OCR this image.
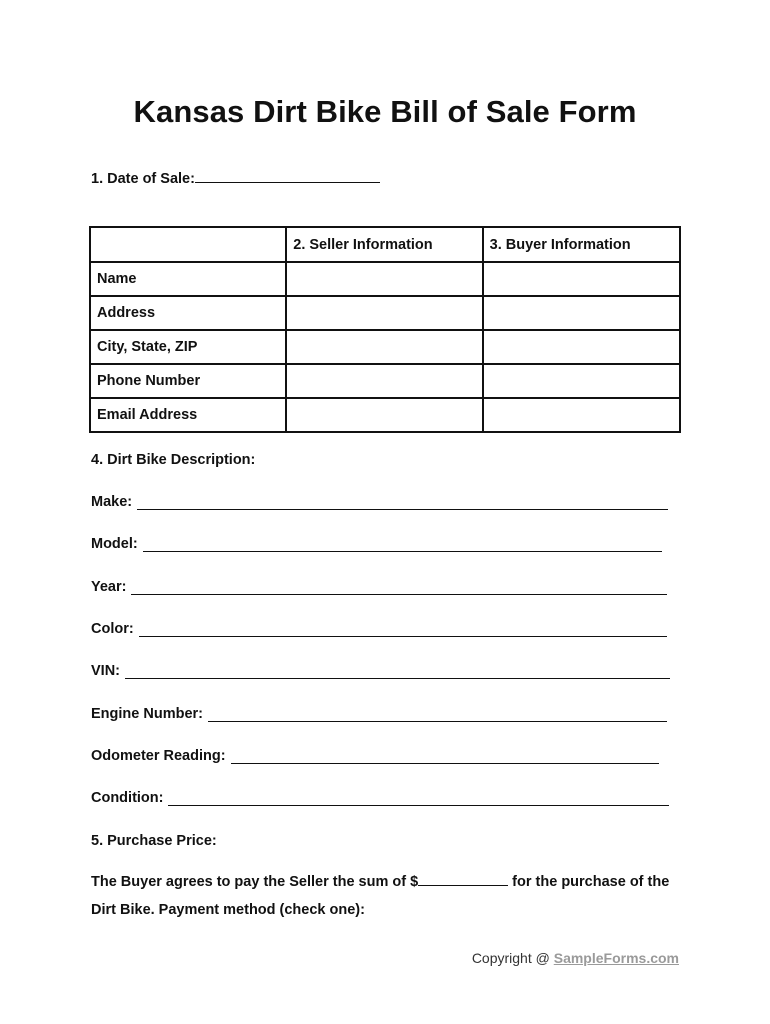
Kansas Dirt Bike Bill of Sale Form
1. Date of Sale:
	2. Seller Information	3. Buyer Information
Name		
Address		
City, State, ZIP		
Phone Number		
Email Address		
4. Dirt Bike Description:
Make:
Model:
Year:
Color:
VIN:
Engine Number:
Odometer Reading:
Condition:
5. Purchase Price:
The Buyer agrees to pay the Seller the sum of $	for the purchase of the Dirt Bike. Payment method (check one):
Copyright @ SampleForms.com
